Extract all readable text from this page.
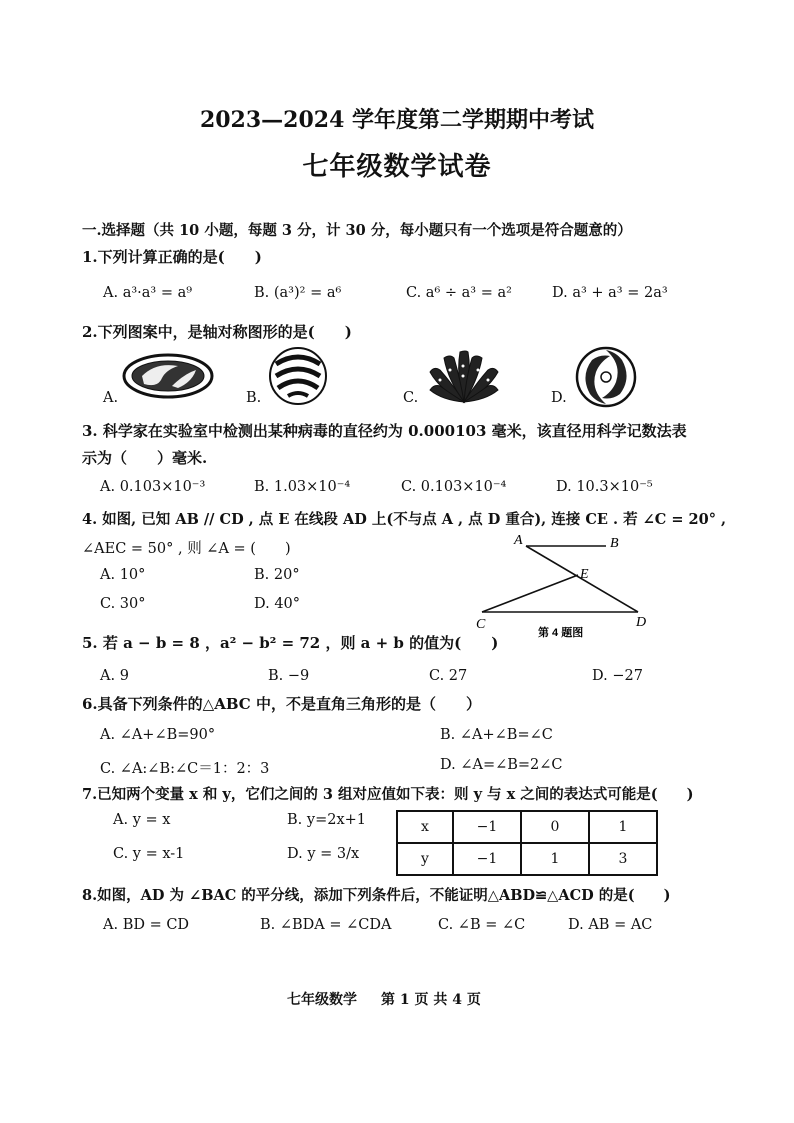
2023—2024 学年度第二学期期中考试
七年级数学试卷
一.选择题（共 10 小题，每题 3 分，计 30 分，每小题只有一个选项是符合题意的）
1.下列计算正确的是(　　)
A. a³·a³ = a⁹	B. (a³)² = a⁶	C. a⁶ ÷ a³ = a²	D. a³ + a³ = 2a³
2.下列图案中，是轴对称图形的是(　　)
A.	B.	C.	D.
3. 科学家在实验室中检测出某种病毒的直径约为 0.000103 毫米，该直径用科学记数法表
示为（　　）毫米.
A. 0.103×10⁻³	B. 1.03×10⁻⁴	C. 0.103×10⁻⁴	D. 10.3×10⁻⁵
4. 如图, 已知 AB // CD , 点 E 在线段 AD 上(不与点 A , 点 D 重合), 连接 CE . 若 ∠C = 20° ,
∠AEC = 50° , 则 ∠A = (　　)
A. 10°	B. 20°
C. 30°	D. 40°
A	B
E
C	D
第 4 题图
5. 若 a − b = 8 ，a² − b² = 72 ，则 a + b 的值为(　　)
A. 9	B. −9	C. 27	D. −27
6.具备下列条件的△ABC 中，不是直角三角形的是（　　）
A. ∠A+∠B=90°	B. ∠A+∠B=∠C
C. ∠A:∠B:∠C＝1：2：3	D. ∠A=∠B=2∠C
7.已知两个变量 x 和 y，它们之间的 3 组对应值如下表：则 y 与 x 之间的表达式可能是(　　)
A. y = x	B. y=2x+1
C. y = x-1	D. y = 3/x
x	−1	0	1
y	−1	1	3
8.如图，AD 为 ∠BAC 的平分线，添加下列条件后，不能证明△ABD≌△ACD 的是(　　)
A. BD = CD	B. ∠BDA = ∠CDA	C. ∠B = ∠C	D. AB = AC
七年级数学 第 1 页 共 4 页
